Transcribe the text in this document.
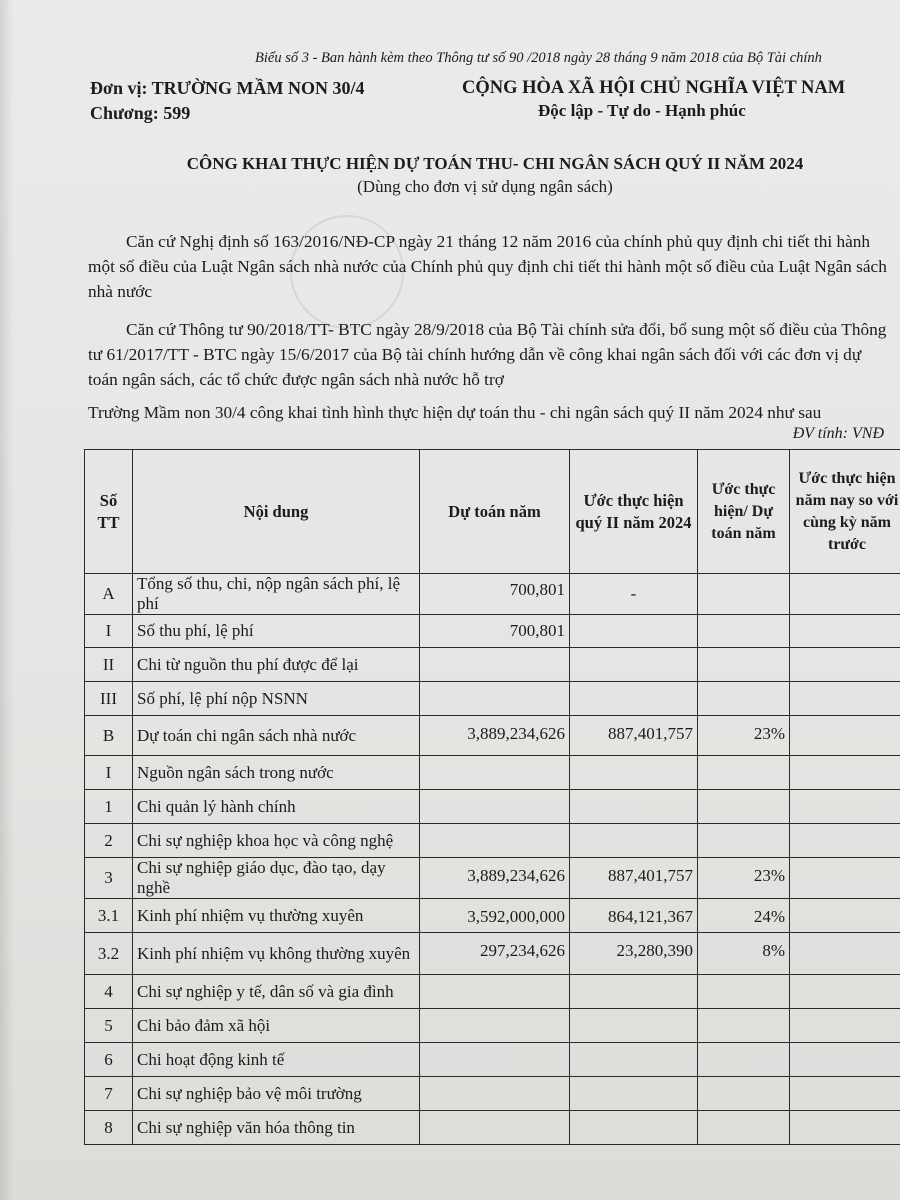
Biểu số 3 - Ban hành kèm theo Thông tư số 90 /2018 ngày 28 tháng 9 năm 2018 của Bộ Tài chính
Đơn vị: TRƯỜNG MẦM NON 30/4
Chương: 599
CỘNG HÒA XÃ HỘI CHỦ NGHĨA VIỆT NAM
Độc lập - Tự do - Hạnh phúc
CÔNG KHAI THỰC HIỆN DỰ TOÁN THU- CHI NGÂN SÁCH QUÝ II NĂM 2024
(Dùng cho đơn vị sử dụng ngân sách)
Căn cứ Nghị định số 163/2016/NĐ-CP ngày 21 tháng 12 năm 2016 của chính phủ quy định chi tiết thi hành một số điều của Luật Ngân sách nhà nước của Chính phủ quy định chi tiết thi hành một số điều của Luật Ngân sách nhà nước
Căn cứ Thông tư 90/2018/TT- BTC ngày 28/9/2018 của Bộ Tài chính sửa đổi, bổ sung một số điều của Thông tư 61/2017/TT - BTC ngày 15/6/2017 của Bộ tài chính hướng dẫn về công khai ngân sách đối với các đơn vị dự toán ngân sách, các tổ chức được ngân sách nhà nước hỗ trợ
Trường Mầm non 30/4 công khai tình hình thực hiện dự toán thu - chi ngân sách quý II năm 2024 như sau
ĐV tính: VNĐ
Số TT	Nội dung	Dự toán năm	Ước thực hiện quý II năm 2024	Ước thực hiện/ Dự toán năm	Ước thực hiện năm nay so với cùng kỳ năm trước
A	Tổng số thu, chi, nộp ngân sách phí, lệ phí	700,801	-		
I	Số thu phí, lệ phí	700,801			
II	Chi từ nguồn thu phí được để lại				
III	Số phí, lệ phí nộp NSNN				
B	Dự toán chi ngân sách nhà nước	3,889,234,626	887,401,757	23%	
I	Nguồn ngân sách trong nước				
1	Chi quản lý hành chính				
2	Chi sự nghiệp khoa học và công nghệ				
3	Chi sự nghiệp giáo dục, đào tạo, dạy nghề	3,889,234,626	887,401,757	23%	
3.1	Kinh phí nhiệm vụ thường xuyên	3,592,000,000	864,121,367	24%	
3.2	Kinh phí nhiệm vụ không thường xuyên	297,234,626	23,280,390	8%	
4	Chi sự nghiệp y tế, dân số và gia đình				
5	Chi bảo đảm xã hội				
6	Chi hoạt động kinh tế				
7	Chi sự nghiệp bảo vệ môi trường				
8	Chi sự nghiệp văn hóa thông tin				
